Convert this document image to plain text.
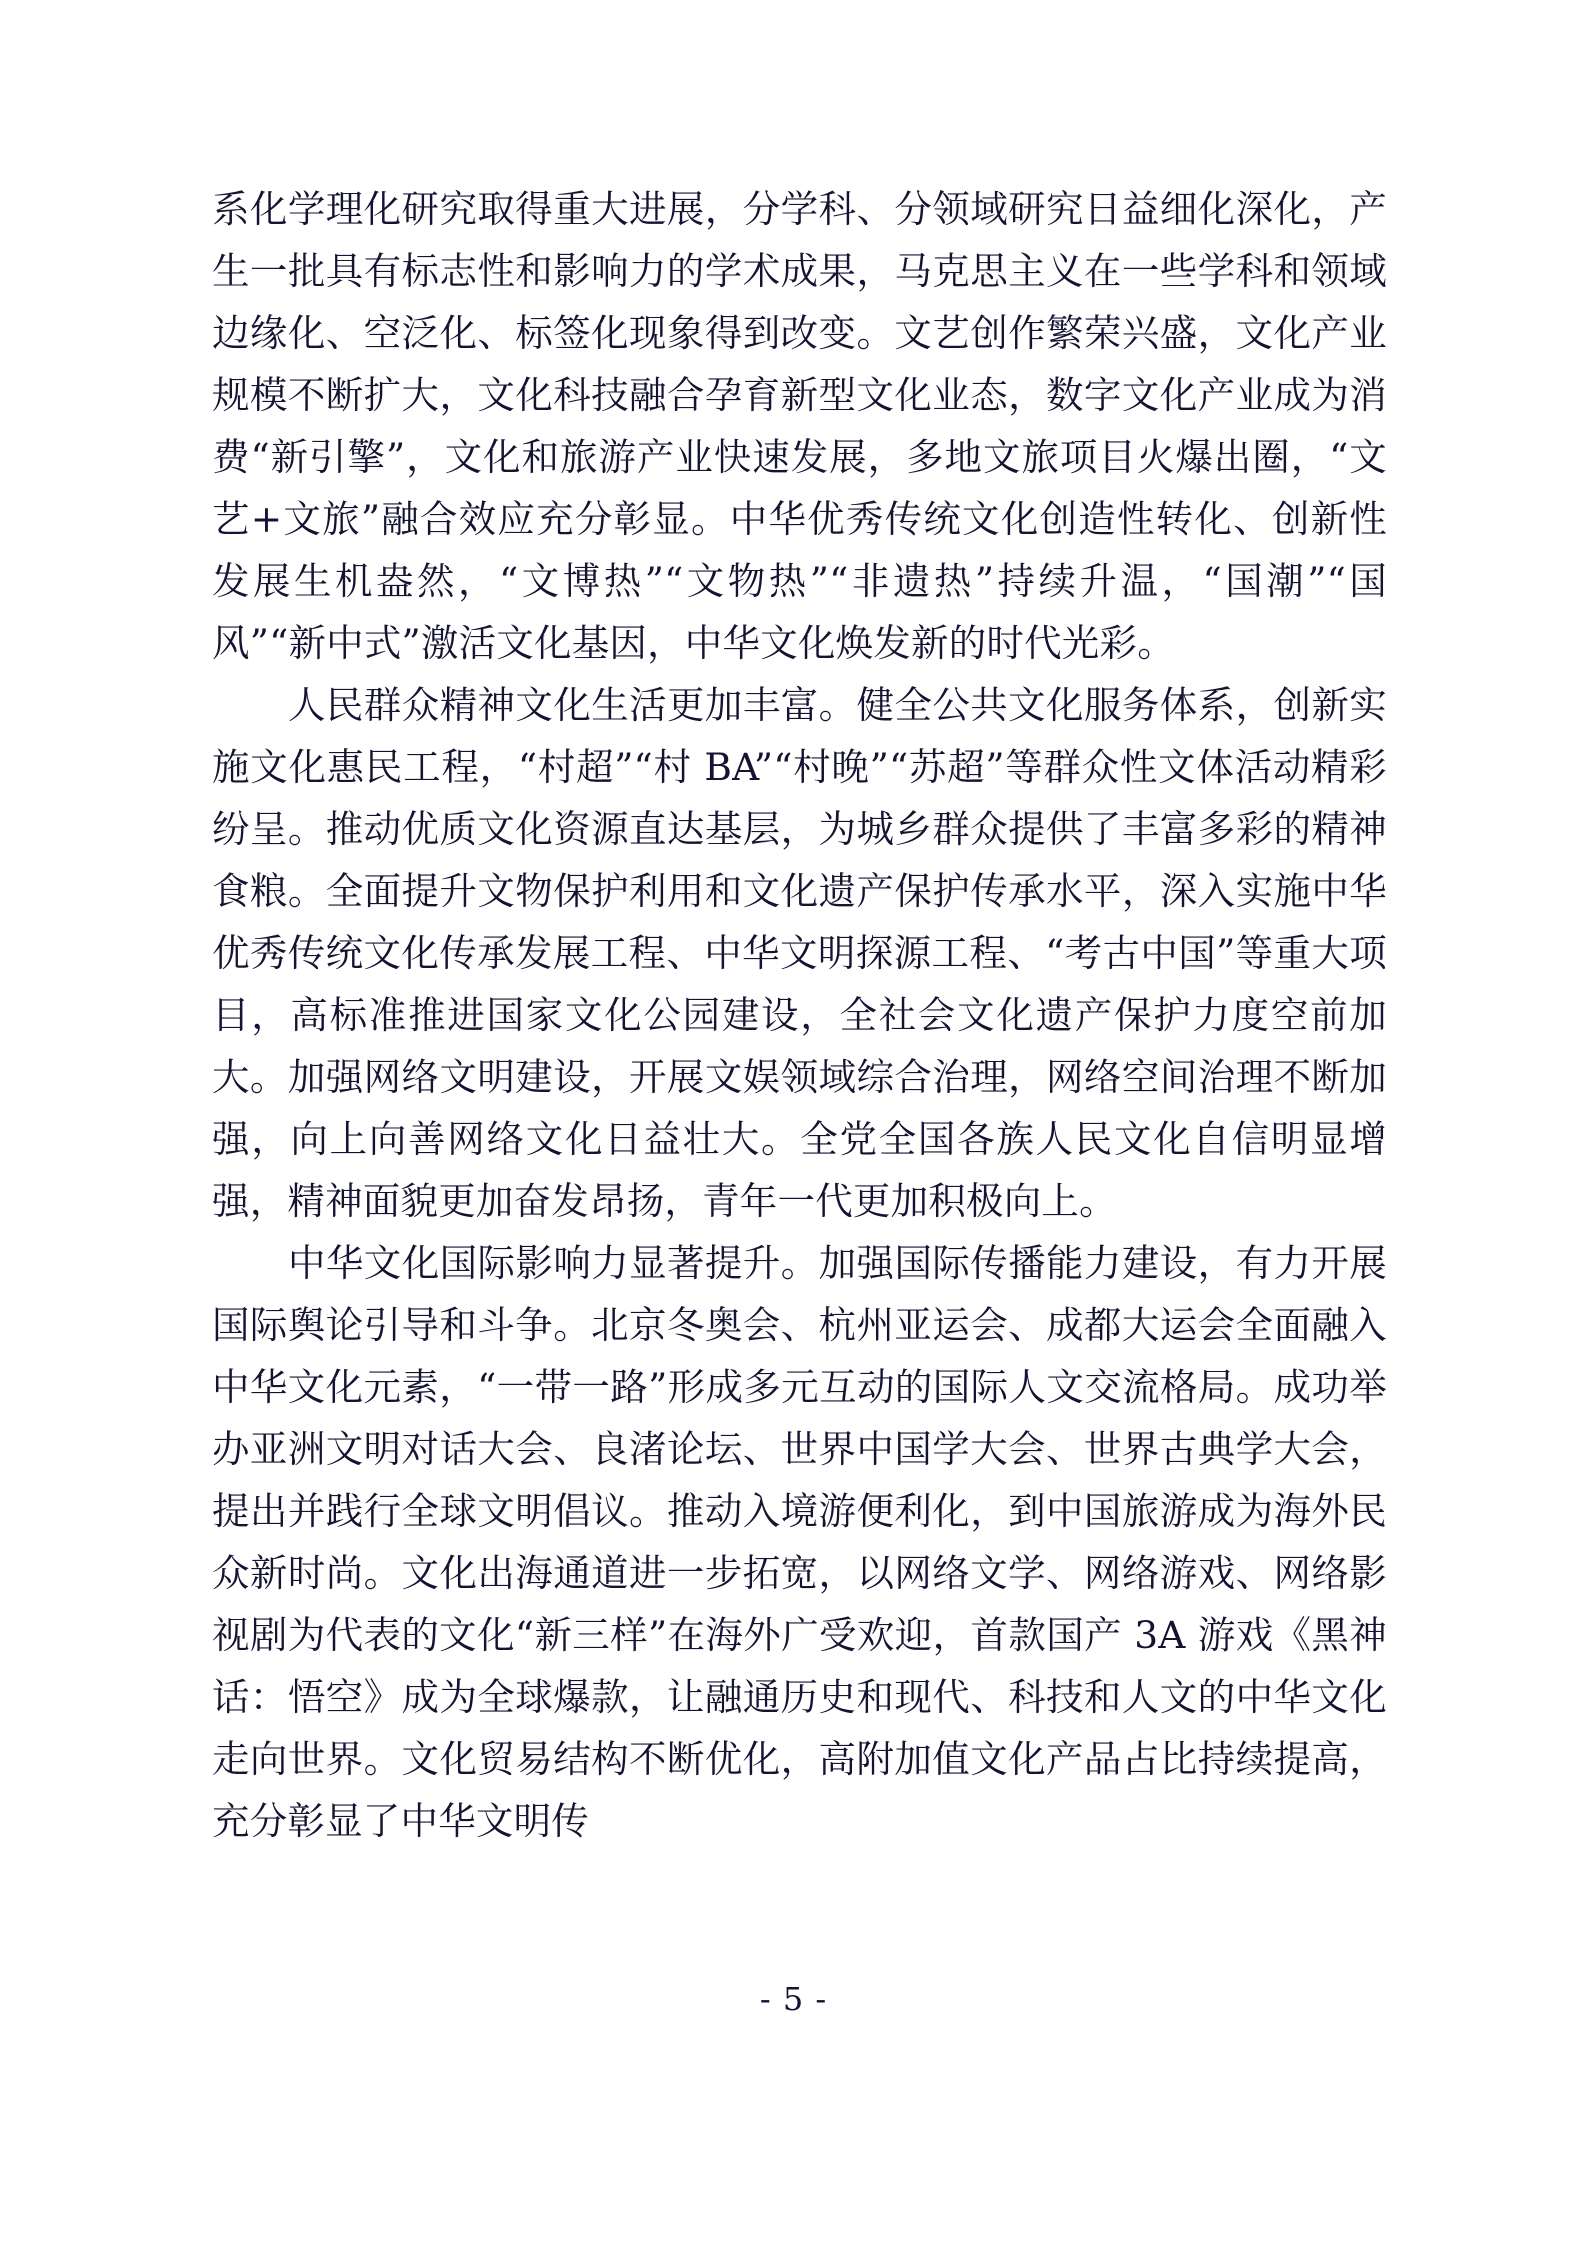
系化学理化研究取得重大进展，分学科、分领域研究日益细化深化，产生一批具有标志性和影响力的学术成果，马克思主义在一些学科和领域边缘化、空泛化、标签化现象得到改变。文艺创作繁荣兴盛，文化产业规模不断扩大，文化科技融合孕育新型文化业态，数字文化产业成为消费“新引擎”，文化和旅游产业快速发展，多地文旅项目火爆出圈，“文艺+文旅”融合效应充分彰显。中华优秀传统文化创造性转化、创新性发展生机盎然，“文博热”“文物热”“非遗热”持续升温，“国潮”“国风”“新中式”激活文化基因，中华文化焕发新的时代光彩。

人民群众精神文化生活更加丰富。健全公共文化服务体系，创新实施文化惠民工程，“村超”“村 BA”“村晚”“苏超”等群众性文体活动精彩纷呈。推动优质文化资源直达基层，为城乡群众提供了丰富多彩的精神食粮。全面提升文物保护利用和文化遗产保护传承水平，深入实施中华优秀传统文化传承发展工程、中华文明探源工程、“考古中国”等重大项目，高标准推进国家文化公园建设，全社会文化遗产保护力度空前加大。加强网络文明建设，开展文娱领域综合治理，网络空间治理不断加强，向上向善网络文化日益壮大。全党全国各族人民文化自信明显增强，精神面貌更加奋发昂扬，青年一代更加积极向上。

中华文化国际影响力显著提升。加强国际传播能力建设，有力开展国际舆论引导和斗争。北京冬奥会、杭州亚运会、成都大运会全面融入中华文化元素，“一带一路”形成多元互动的国际人文交流格局。成功举办亚洲文明对话大会、良渚论坛、世界中国学大会、世界古典学大会，提出并践行全球文明倡议。推动入境游便利化，到中国旅游成为海外民众新时尚。文化出海通道进一步拓宽，以网络文学、网络游戏、网络影视剧为代表的文化“新三样”在海外广受欢迎，首款国产 3A 游戏《黑神话：悟空》成为全球爆款，让融通历史和现代、科技和人文的中华文化走向世界。文化贸易结构不断优化，高附加值文化产品占比持续提高，充分彰显了中华文明传

- 5 -
